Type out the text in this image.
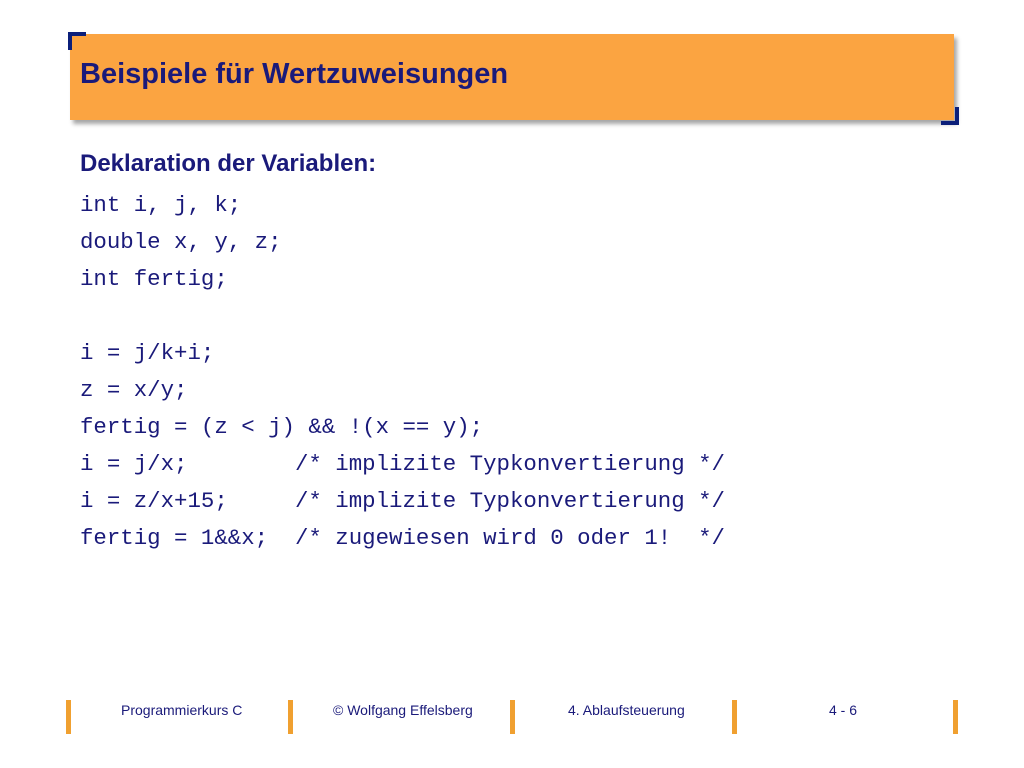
Beispiele für Wertzuweisungen
Deklaration der Variablen:
int i, j, k;
double x, y, z;
int fertig;
i = j/k+i;
z = x/y;
fertig = (z < j) && !(x == y);
i = j/x;        /* implizite Typkonvertierung */
i = z/x+15;     /* implizite Typkonvertierung */
fertig = 1&&x;  /* zugewiesen wird 0 oder 1!  */
Programmierkurs C	© Wolfgang Effelsberg	4. Ablaufsteuerung	4 - 6
